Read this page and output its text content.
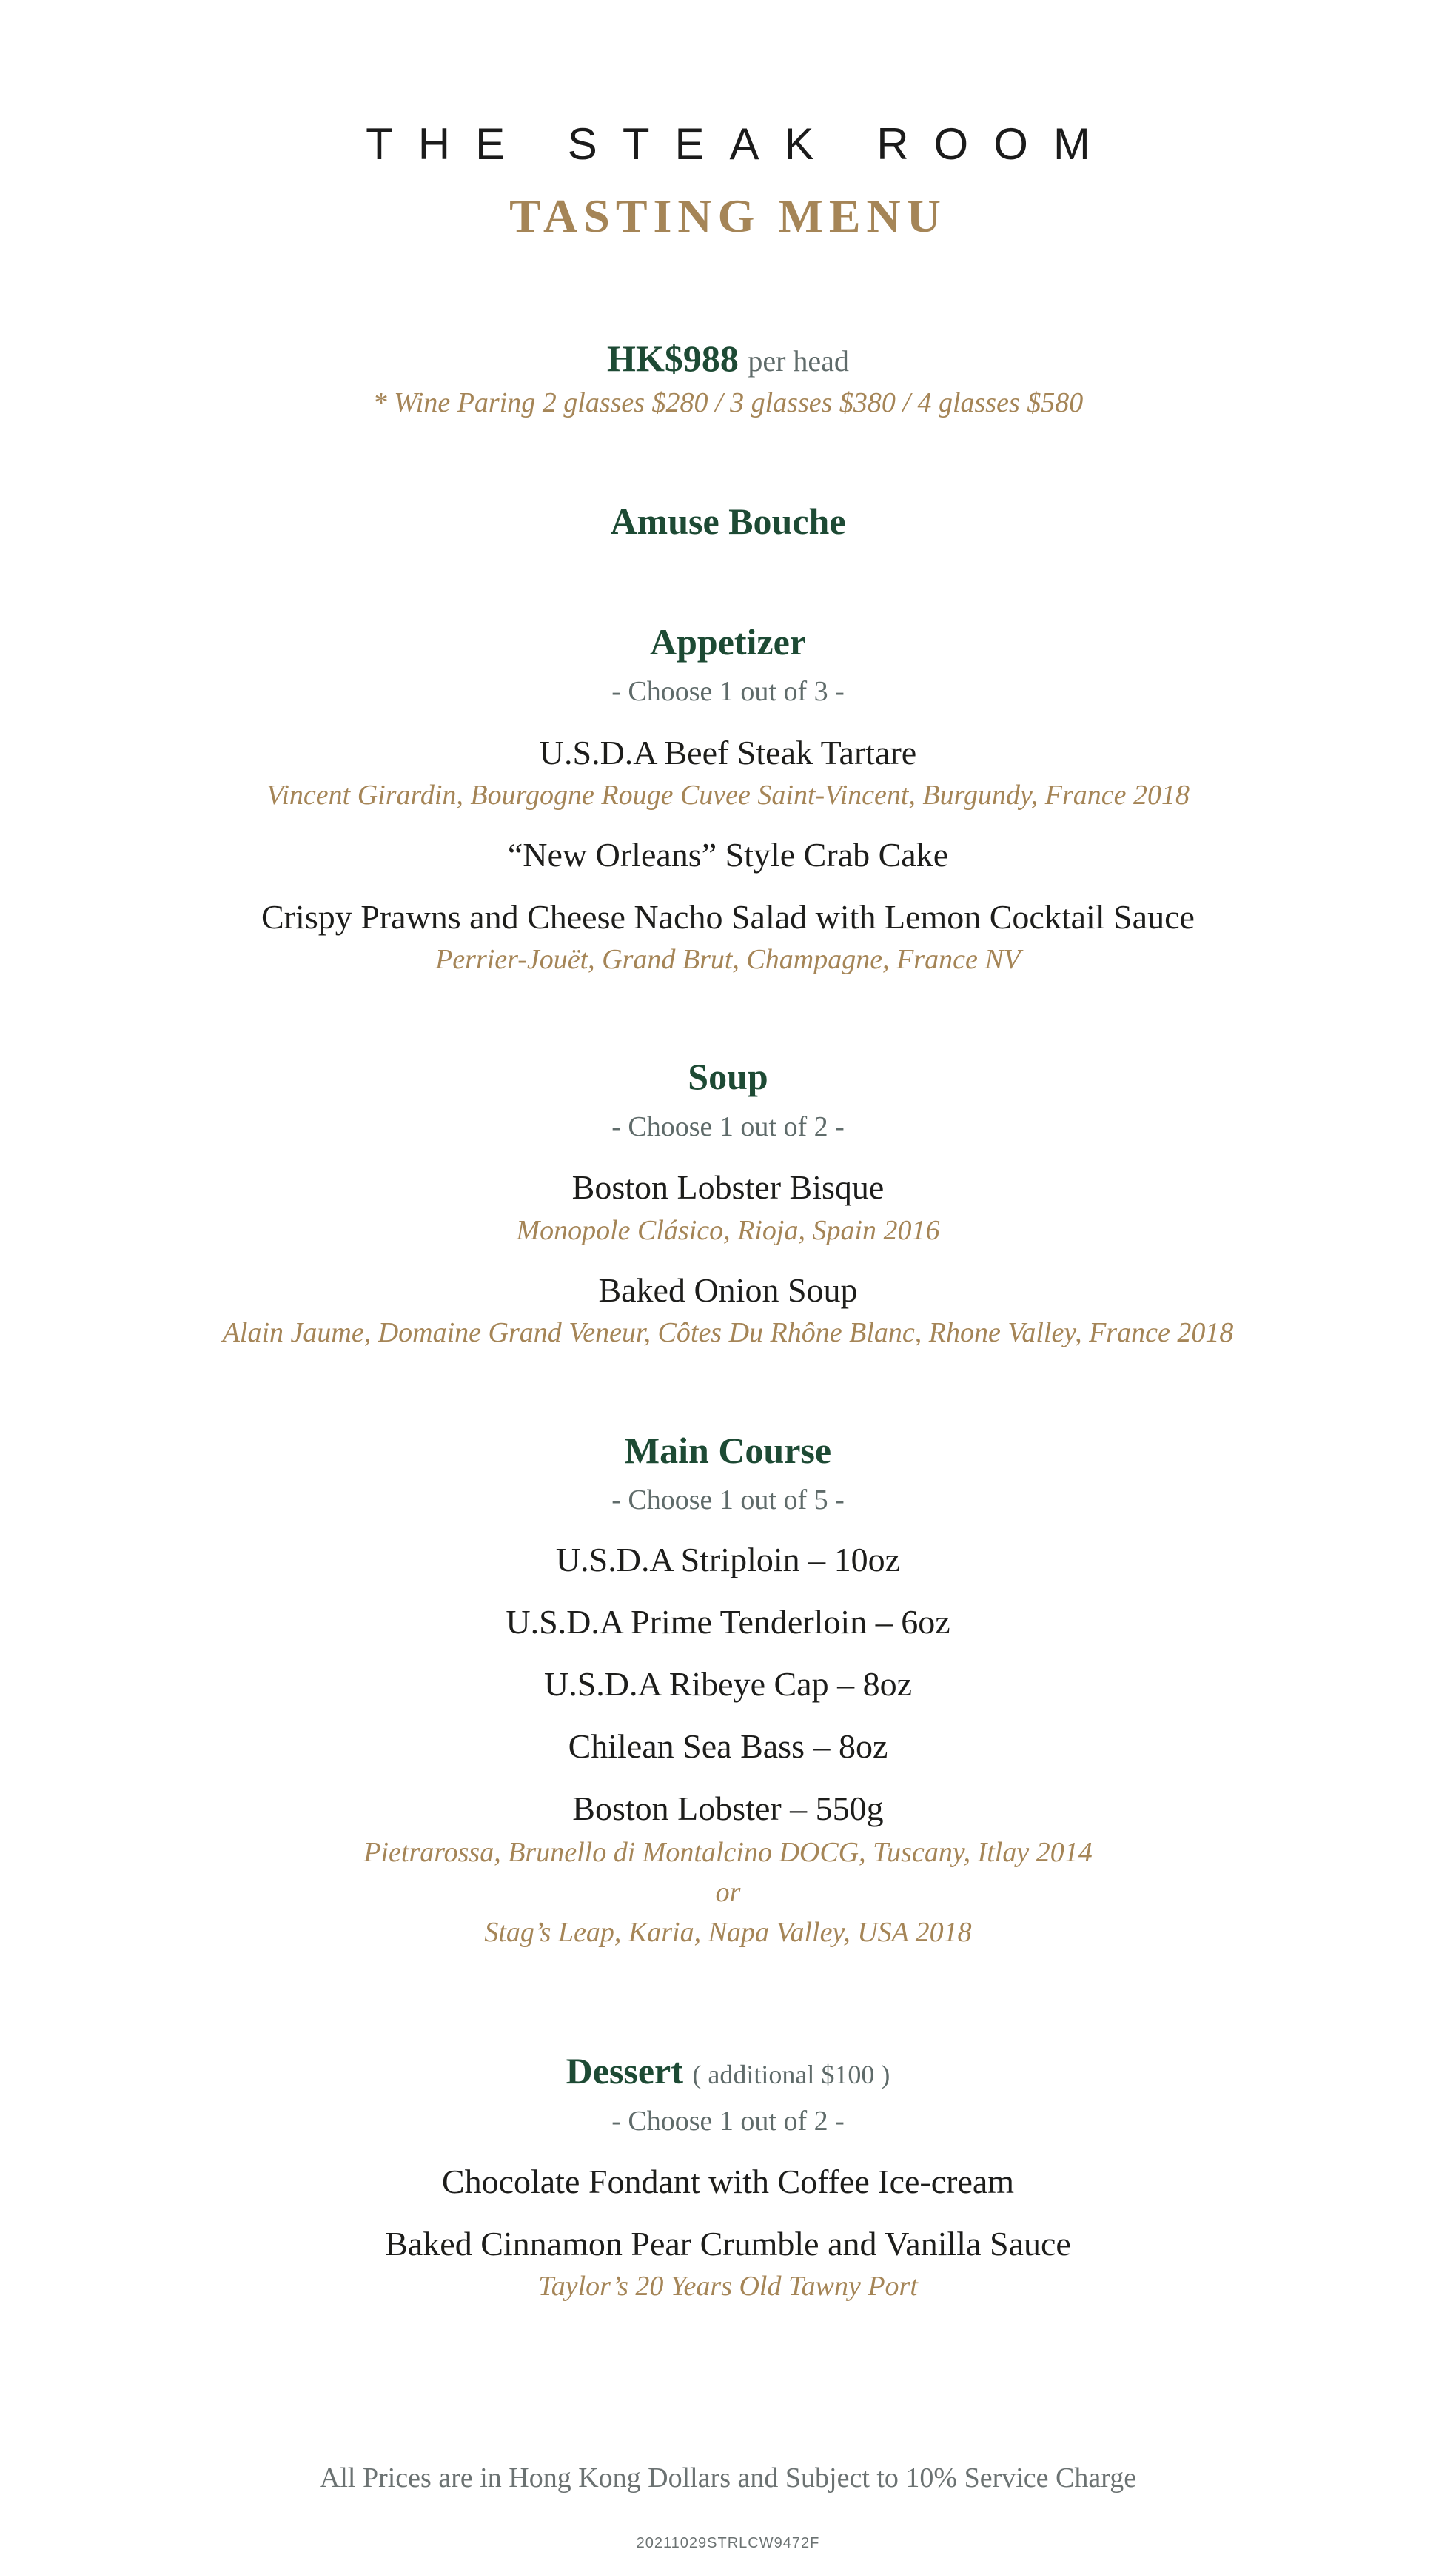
THE STEAK ROOM
TASTING MENU
HK$988 per head
* Wine Paring 2 glasses $280 / 3 glasses $380 / 4 glasses $580
Amuse Bouche
Appetizer
- Choose 1 out of 3 -
U.S.D.A Beef Steak Tartare
Vincent Girardin, Bourgogne Rouge Cuvee Saint-Vincent, Burgundy, France 2018
“New Orleans” Style Crab Cake
Crispy Prawns and Cheese Nacho Salad with Lemon Cocktail Sauce
Perrier-Jouët, Grand Brut, Champagne, France NV
Soup
- Choose 1 out of 2 -
Boston Lobster Bisque
Monopole Clásico, Rioja, Spain 2016
Baked Onion Soup
Alain Jaume, Domaine Grand Veneur, Côtes Du Rhône Blanc, Rhone Valley, France 2018
Main Course
- Choose 1 out of 5 -
U.S.D.A Striploin – 10oz
U.S.D.A Prime Tenderloin – 6oz
U.S.D.A Ribeye Cap – 8oz
Chilean Sea Bass – 8oz
Boston Lobster – 550g
Pietrarossa, Brunello di Montalcino DOCG, Tuscany, Itlay 2014
or
Stag’s Leap, Karia, Napa Valley, USA 2018
Dessert ( additional $100 )
- Choose 1 out of 2 -
Chocolate Fondant with Coffee Ice-cream
Baked Cinnamon Pear Crumble and Vanilla Sauce
Taylor’s 20 Years Old Tawny Port
All Prices are in Hong Kong Dollars and Subject to 10% Service Charge
20211029STRLCW9472F
